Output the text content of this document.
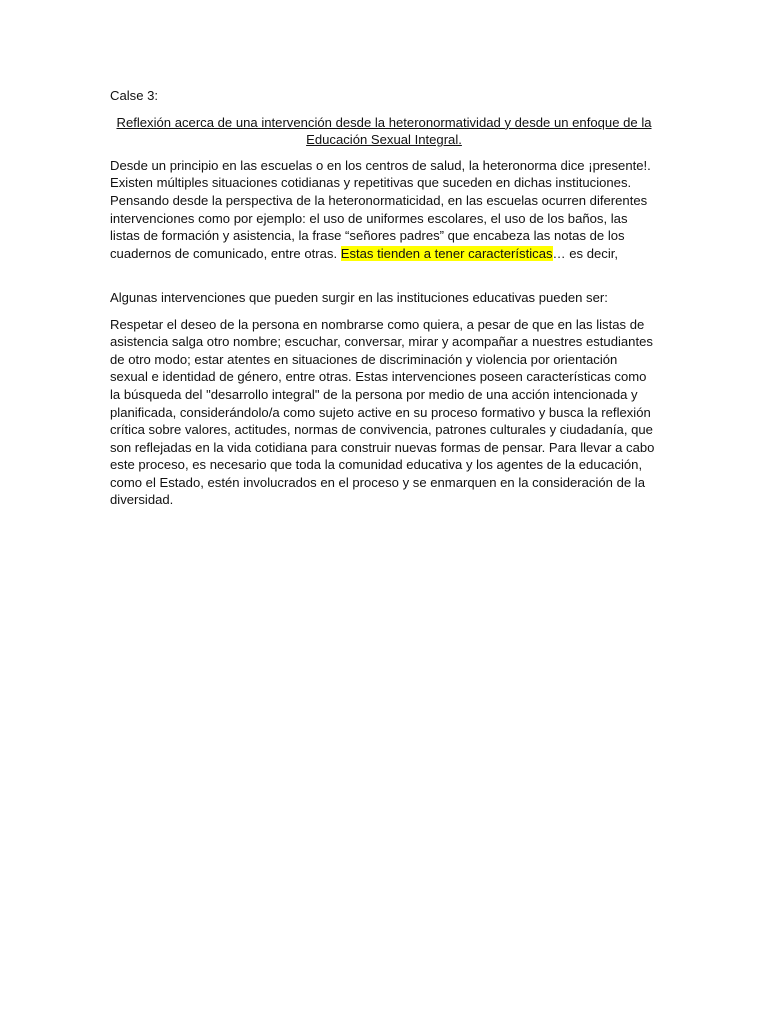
Calse 3:

Reflexión acerca de una intervención desde la heteronormatividad y desde un enfoque de la Educación Sexual Integral.

Desde un principio en las escuelas o en los centros de salud, la heteronorma dice ¡presente!. Existen múltiples situaciones cotidianas y repetitivas que suceden en dichas instituciones. Pensando desde la perspectiva de la heteronormaticidad, en las escuelas ocurren diferentes intervenciones como por ejemplo: el uso de uniformes escolares, el uso de los baños, las listas de formación y asistencia, la frase “señores padres” que encabeza las notas de los cuadernos de comunicado, entre otras. Estas tienden a tener características… es decir,

Algunas intervenciones que pueden surgir en las instituciones educativas pueden ser:

Respetar el deseo de la persona en nombrarse como quiera, a pesar de que en las listas de asistencia salga otro nombre; escuchar, conversar, mirar y acompañar a nuestres estudiantes de otro modo; estar atentes en situaciones de discriminación y violencia por orientación sexual e identidad de género, entre otras. Estas intervenciones poseen características como la búsqueda del "desarrollo integral" de la persona por medio de una acción intencionada y planificada, considerándolo/a como sujeto active en su proceso formativo y busca la reflexión crítica sobre valores, actitudes, normas de convivencia, patrones culturales y ciudadanía, que son reflejadas en la vida cotidiana para construir nuevas formas de pensar. Para llevar a cabo este proceso, es necesario que toda la comunidad educativa y los agentes de la educación, como el Estado, estén involucrados en el proceso y se enmarquen en la consideración de la diversidad.
